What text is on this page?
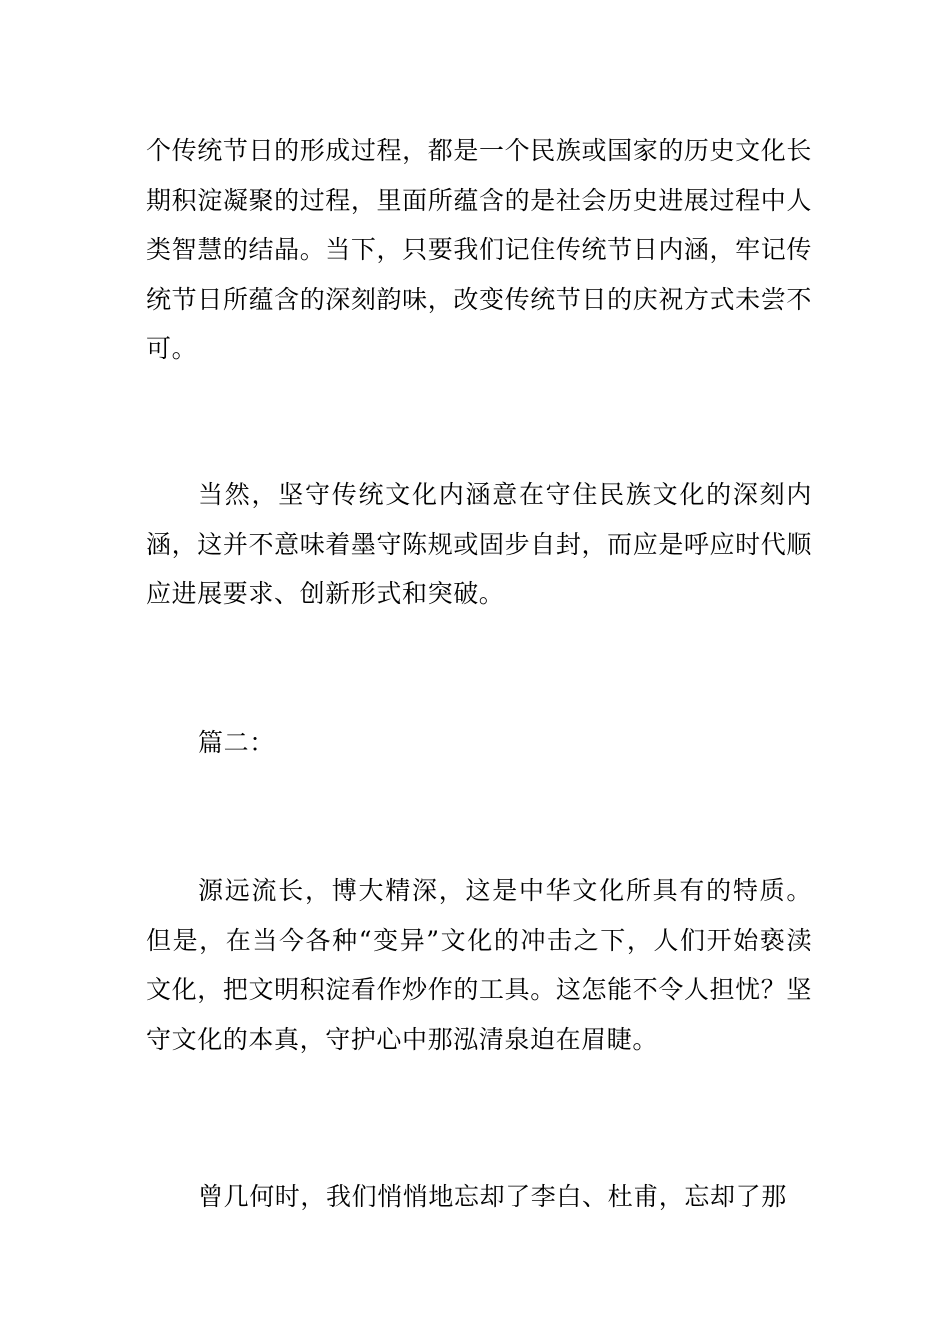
个传统节日的形成过程，都是一个民族或国家的历史文化长期积淀凝聚的过程，里面所蕴含的是社会历史进展过程中人类智慧的结晶。当下，只要我们记住传统节日内涵，牢记传统节日所蕴含的深刻韵味，改变传统节日的庆祝方式未尝不可。

当然，坚守传统文化内涵意在守住民族文化的深刻内涵，这并不意味着墨守陈规或固步自封，而应是呼应时代顺应进展要求、创新形式和突破。

篇二：

源远流长，博大精深，这是中华文化所具有的特质。但是，在当今各种“变异”文化的冲击之下，人们开始亵渎文化，把文明积淀看作炒作的工具。这怎能不令人担忧？坚守文化的本真，守护心中那泓清泉迫在眉睫。

曾几何时，我们悄悄地忘却了李白、杜甫，忘却了那
